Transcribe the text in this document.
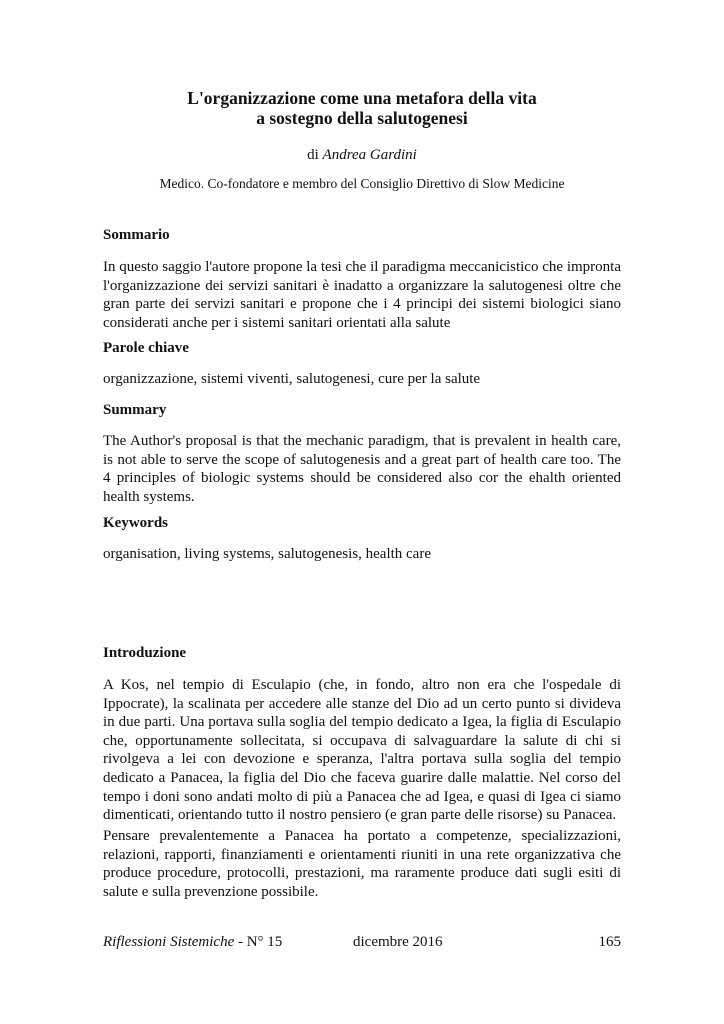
L'organizzazione come una metafora della vita
a sostegno della salutogenesi
di Andrea Gardini
Medico. Co-fondatore e membro del Consiglio Direttivo di Slow Medicine
Sommario
In questo saggio l'autore propone la tesi che il paradigma meccanicistico che impronta l'organizzazione dei servizi sanitari è inadatto a organizzare la salutogenesi oltre che gran parte dei servizi sanitari e propone che i 4 principi dei sistemi biologici siano considerati anche per i sistemi sanitari orientati alla salute
Parole chiave
organizzazione, sistemi viventi, salutogenesi, cure per la salute
Summary
The Author's proposal is that the mechanic paradigm, that is prevalent in health care, is not able to serve the scope of salutogenesis and a great part of health care too. The 4 principles of biologic systems should be considered also cor the ehalth oriented health systems.
Keywords
organisation, living systems, salutogenesis, health care
Introduzione
A Kos, nel tempio di Esculapio (che, in fondo, altro non era che l'ospedale di Ippocrate), la scalinata per accedere alle stanze del Dio ad un certo punto si divideva in due parti. Una portava sulla soglia del tempio dedicato a Igea, la figlia di Esculapio che, opportunamente sollecitata, si occupava di salvaguardare la salute di chi si rivolgeva a lei con devozione e speranza, l'altra portava sulla soglia del tempio dedicato a Panacea, la figlia del Dio che faceva guarire dalle malattie. Nel corso del tempo i doni sono andati molto di più a Panacea che ad Igea, e quasi di Igea ci siamo dimenticati, orientando tutto il nostro pensiero (e gran parte delle risorse) su Panacea.
Pensare prevalentemente a Panacea ha portato a competenze, specializzazioni, relazioni, rapporti, finanziamenti e orientamenti riuniti in una rete organizzativa che produce procedure, protocolli, prestazioni, ma raramente produce dati sugli esiti di salute e sulla prevenzione possibile.
Riflessioni Sistemiche - N° 15	dicembre 2016	165
